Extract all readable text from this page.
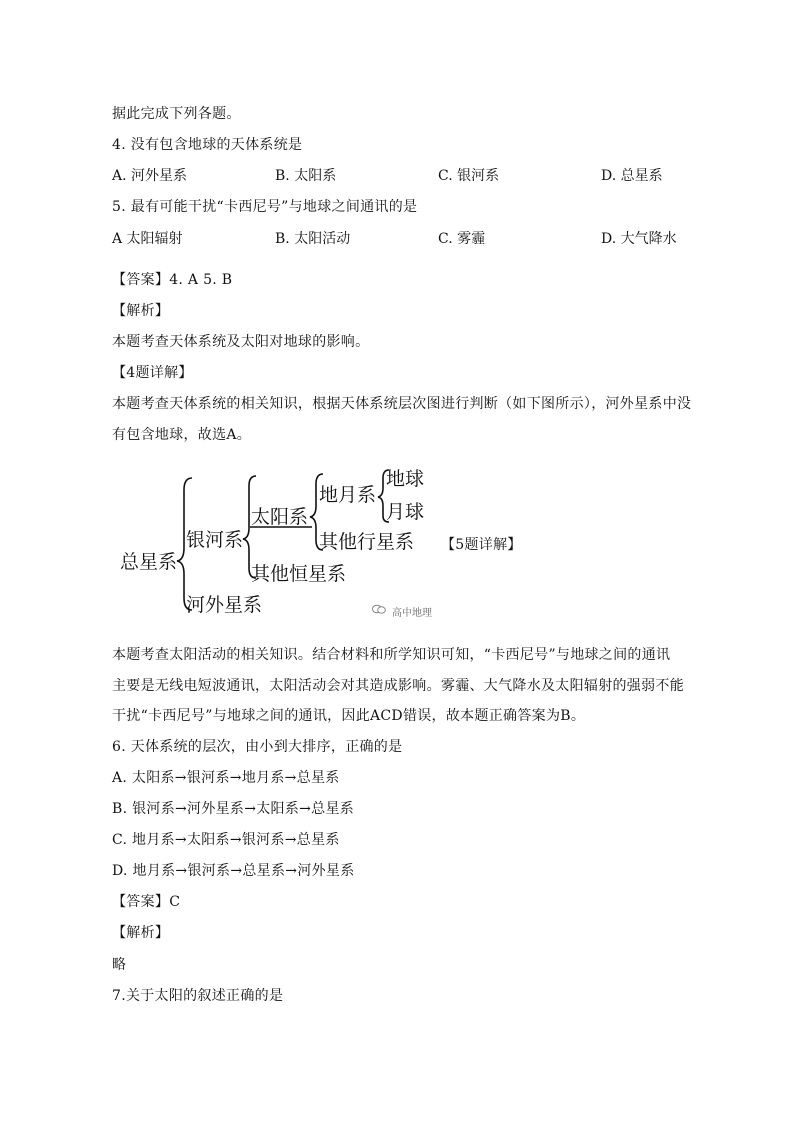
据此完成下列各题。
4. 没有包含地球的天体系统是
A. 河外星系	B. 太阳系	C. 银河系	D. 总星系
5. 最有可能干扰“卡西尼号”与地球之间通讯的是
A 太阳辐射	B. 太阳活动	C. 雾霾	D. 大气降水
【答案】4. A 5. B
【解析】
本题考查天体系统及太阳对地球的影响。
【4题详解】
本题考查天体系统的相关知识，根据天体系统层次图进行判断（如下图所示），河外星系中没
有包含地球，故选A。
总星系
银河系
河外星系
太阳系
其他恒星系
地月系
其他行星系
地球
月球
【5题详解】
高中地理
本题考查太阳活动的相关知识。结合材料和所学知识可知，“卡西尼号”与地球之间的通讯
主要是无线电短波通讯，太阳活动会对其造成影响。雾霾、大气降水及太阳辐射的强弱不能
干扰“卡西尼号”与地球之间的通讯，因此ACD错误，故本题正确答案为B。
6. 天体系统的层次，由小到大排序，正确的是
A. 太阳系→银河系→地月系→总星系
B. 银河系→河外星系→太阳系→总星系
C. 地月系→太阳系→银河系→总星系
D. 地月系→银河系→总星系→河外星系
【答案】C
【解析】
略
7.关于太阳的叙述正确的是
